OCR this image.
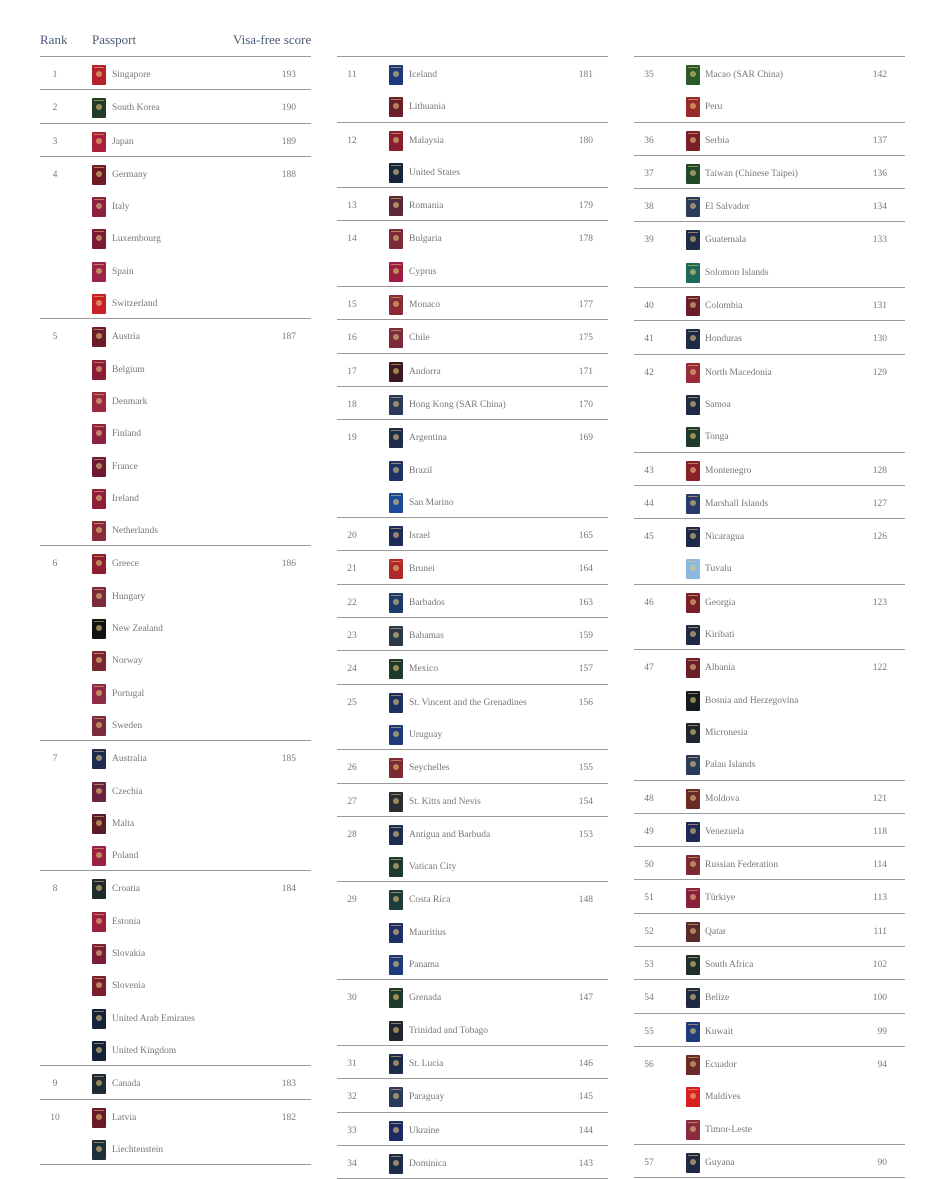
Rank Passport	Visa-free score
1	Singapore	193
2	South Korea	190
3	Japan	189
4	Germany	188
Italy
Luxembourg
Spain
Switzerland
5	Austria	187
Belgium
Denmark
Finland
France
Ireland
Netherlands
6	Greece	186
Hungary
New Zealand
Norway
Portugal
Sweden
7	Australia	185
Czechia
Malta
Poland
8	Croatia	184
Estonia
Slovakia
Slovenia
United Arab Emirates
United Kingdom
9	Canada	183
10	Latvia	182
Liechtenstein
11	Iceland	181
Lithuania
12	Malaysia	180
United States
13	Romania	179
14	Bulgaria	178
Cyprus
15	Monaco	177
16	Chile	175
17	Andorra	171
18	Hong Kong (SAR China)	170
19	Argentina	169
Brazil
San Marino
20	Israel	165
21	Brunei	164
22	Barbados	163
23	Bahamas	159
24	Mexico	157
25	St. Vincent and the Grenadines	156
Uruguay
26	Seychelles	155
27	St. Kitts and Nevis	154
28	Antigua and Barbuda	153
Vatican City
29	Costa Rica	148
Mauritius
Panama
30	Grenada	147
Trinidad and Tobago
31	St. Lucia	146
32	Paraguay	145
33	Ukraine	144
34	Dominica	143
35	Macao (SAR China)	142
Peru
36	Serbia	137
37	Taiwan (Chinese Taipei)	136
38	El Salvador	134
39	Guatemala	133
Solomon Islands
40	Colombia	131
41	Honduras	130
42	North Macedonia	129
Samoa
Tonga
43	Montenegro	128
44	Marshall Islands	127
45	Nicaragua	126
Tuvalu
46	Georgia	123
Kiribati
47	Albania	122
Bosnia and Herzegovina
Micronesia
Palau Islands
48	Moldova	121
49	Venezuela	118
50	Russian Federation	114
51	Türkiye	113
52	Qatar	111
53	South Africa	102
54	Belize	100
55	Kuwait	99
56	Ecuador	94
Maldives
Timor-Leste
57	Guyana	90
